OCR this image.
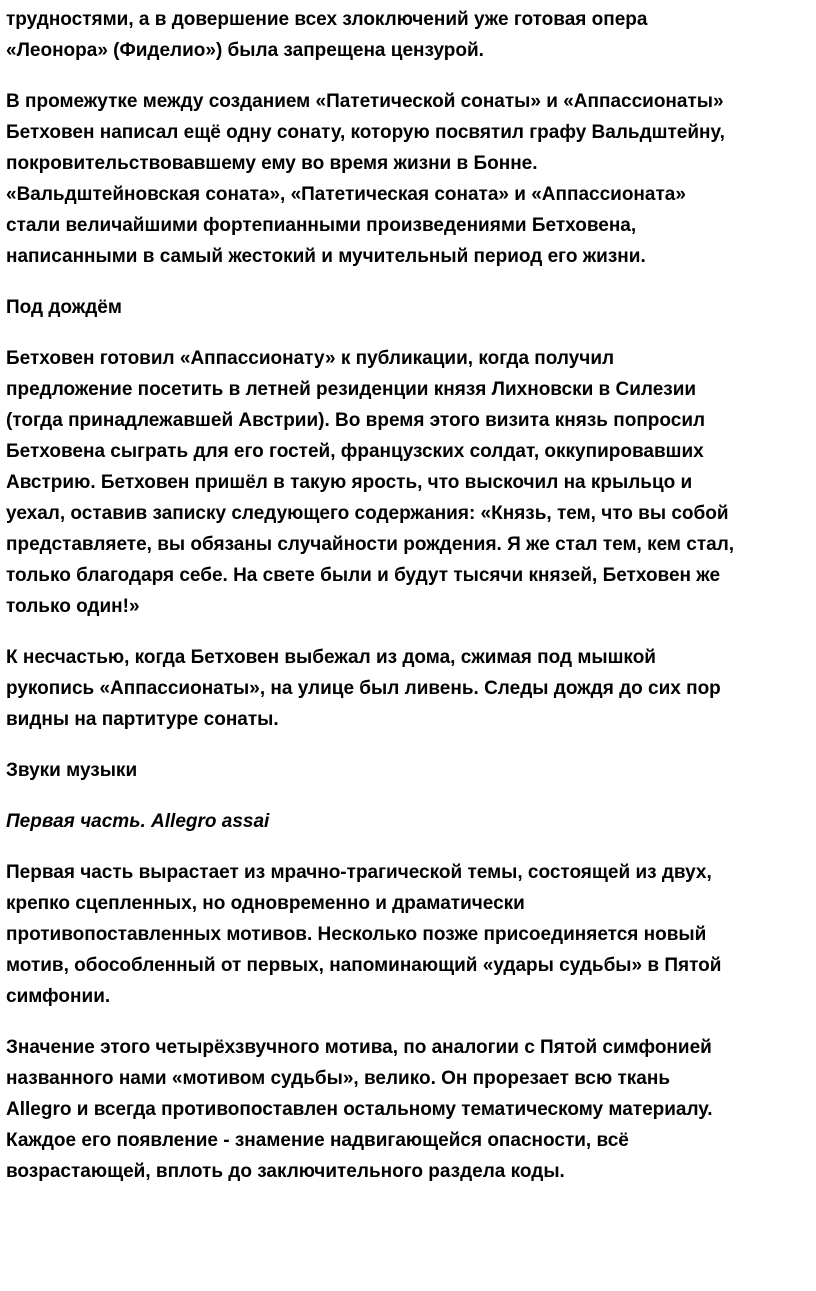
трудностями, а в довершение всех злоключений уже готовая опера
«Леонора» (Фиделио») была запрещена цензурой.

В промежутке между созданием «Патетической сонаты» и «Аппассионаты»
Бетховен написал ещё одну сонату, которую посвятил графу Вальдштейну,
покровительствовавшему ему во время жизни в Бонне.
«Вальдштейновская соната», «Патетическая соната» и «Аппассионата»
стали величайшими фортепианными произведениями Бетховена,
написанными в самый жестокий и мучительный период его жизни.

Под дождём

Бетховен готовил «Аппассионату» к публикации, когда получил
предложение посетить в летней резиденции князя Лихновски в Силезии
(тогда принадлежавшей Австрии). Во время этого визита князь попросил
Бетховена сыграть для его гостей, французских солдат, оккупировавших
Австрию. Бетховен пришёл в такую ярость, что выскочил на крыльцо и
уехал, оставив записку следующего содержания: «Князь, тем, что вы собой
представляете, вы обязаны случайности рождения. Я же стал тем, кем стал,
только благодаря себе. На свете были и будут тысячи князей, Бетховен же
только один!»

К несчастью, когда Бетховен выбежал из дома, сжимая под мышкой
рукопись «Аппассионаты», на улице был ливень. Следы дождя до сих пор
видны на партитуре сонаты.

Звуки музыки

Первая часть. Allegro assai

Первая часть вырастает из мрачно-трагической темы, состоящей из двух,
крепко сцепленных, но одновременно и драматически
противопоставленных мотивов. Несколько позже присоединяется новый
мотив, обособленный от первых, напоминающий «удары судьбы» в Пятой
симфонии.

Значение этого четырёхзвучного мотива, по аналогии с Пятой симфонией
названного нами «мотивом судьбы», велико. Он прорезает всю ткань
Allegro и всегда противопоставлен остальному тематическому материалу.
Каждое его появление - знамение надвигающейся опасности, всё
возрастающей, вплоть до заключительного раздела коды.
